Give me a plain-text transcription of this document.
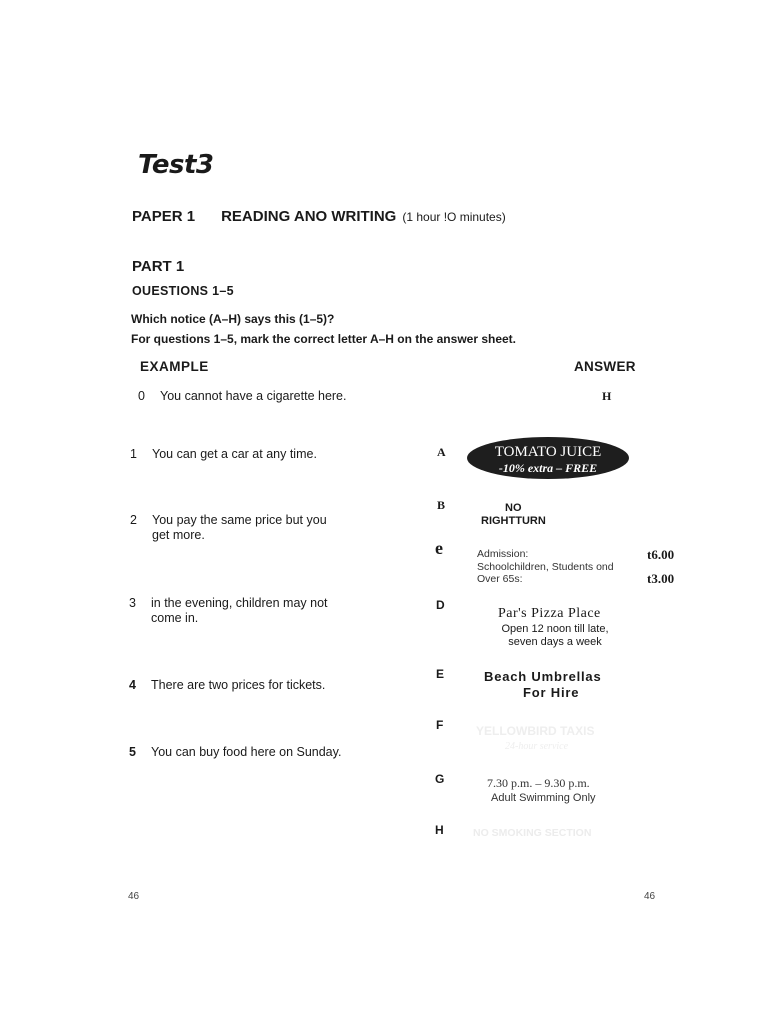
Test3
PAPER 1 READING ANO WRITING (1 hour !O minutes)
PART 1
OUESTIONS 1–5
Which notice (A–H) says this (1–5)?
For questions 1–5, mark the correct letter A–H on the answer sheet.
EXAMPLE	ANSWER
0 You cannot have a cigarette here.	H
1 You can get a car at any time.
2 You pay the same price but you
get more.
3 in the evening, children may not
come in.
4 There are two prices for tickets.
5 You can buy food here on Sunday.
A	TOMATO JUICE
-10% extra – FREE
B	NO
RIGHTTURN
e	Admission:
Schoolchildren, Students ond
Over 65s:
t6.00
t3.00
D
Par's Pizza Place
Open 12 noon till late,
seven days a week
E	Beach Umbrellas
For Hire
F	YELLOWBIRD TAXIS
24-hour service
G	7.30 p.m. – 9.30 p.m.
Adult Swimming Only
H	NO SMOKING SECTION
46	46
